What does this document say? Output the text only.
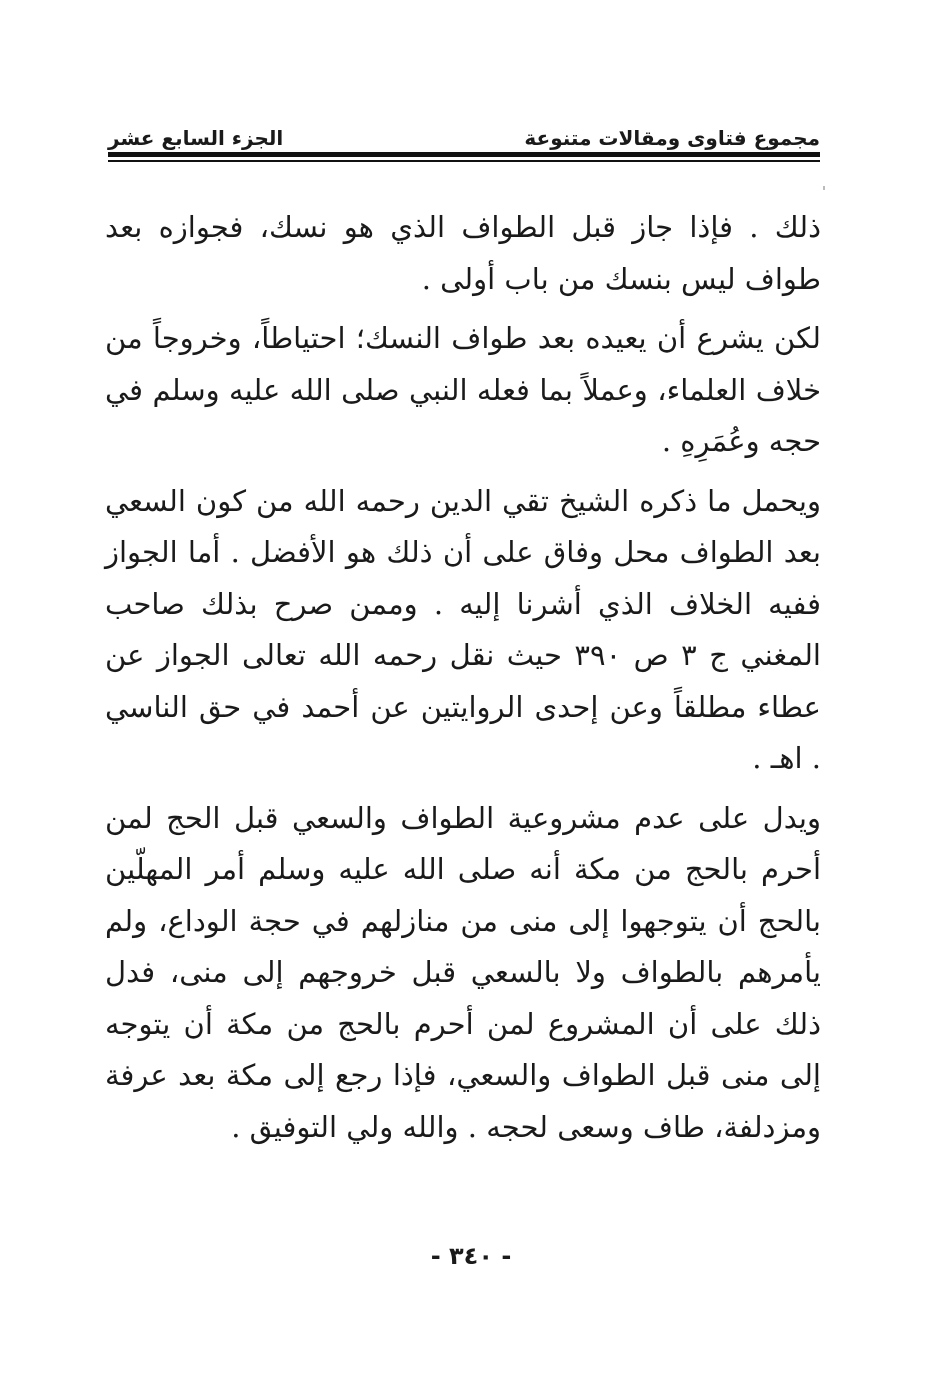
مجموع فتاوى ومقالات متنوعة
الجزء السابع عشر

ذلك . فإذا جاز قبل الطواف الذي هو نسك، فجوازه بعد طواف ليس بنسك من باب أولى .

لكن يشرع أن يعيده بعد طواف النسك؛ احتياطاً، وخروجاً من خلاف العلماء، وعملاً بما فعله النبي صلى الله عليه وسلم في حجه وعُمَرِهِ .

ويحمل ما ذكره الشيخ تقي الدين رحمه الله من كون السعي بعد الطواف محل وفاق على أن ذلك هو الأفضل . أما الجواز ففيه الخلاف الذي أشرنا إليه . وممن صرح بذلك صاحب المغني ج ٣ ص ٣٩٠ حيث نقل رحمه الله تعالى الجواز عن عطاء مطلقاً وعن إحدى الروايتين عن أحمد في حق الناسي . اهـ .

ويدل على عدم مشروعية الطواف والسعي قبل الحج لمن أحرم بالحج من مكة أنه صلى الله عليه وسلم أمر المهلّين بالحج أن يتوجهوا إلى منى من منازلهم في حجة الوداع، ولم يأمرهم بالطواف ولا بالسعي قبل خروجهم إلى منى، فدل ذلك على أن المشروع لمن أحرم بالحج من مكة أن يتوجه إلى منى قبل الطواف والسعي، فإذا رجع إلى مكة بعد عرفة ومزدلفة، طاف وسعى لحجه . والله ولي التوفيق .

- ٣٤٠ -
